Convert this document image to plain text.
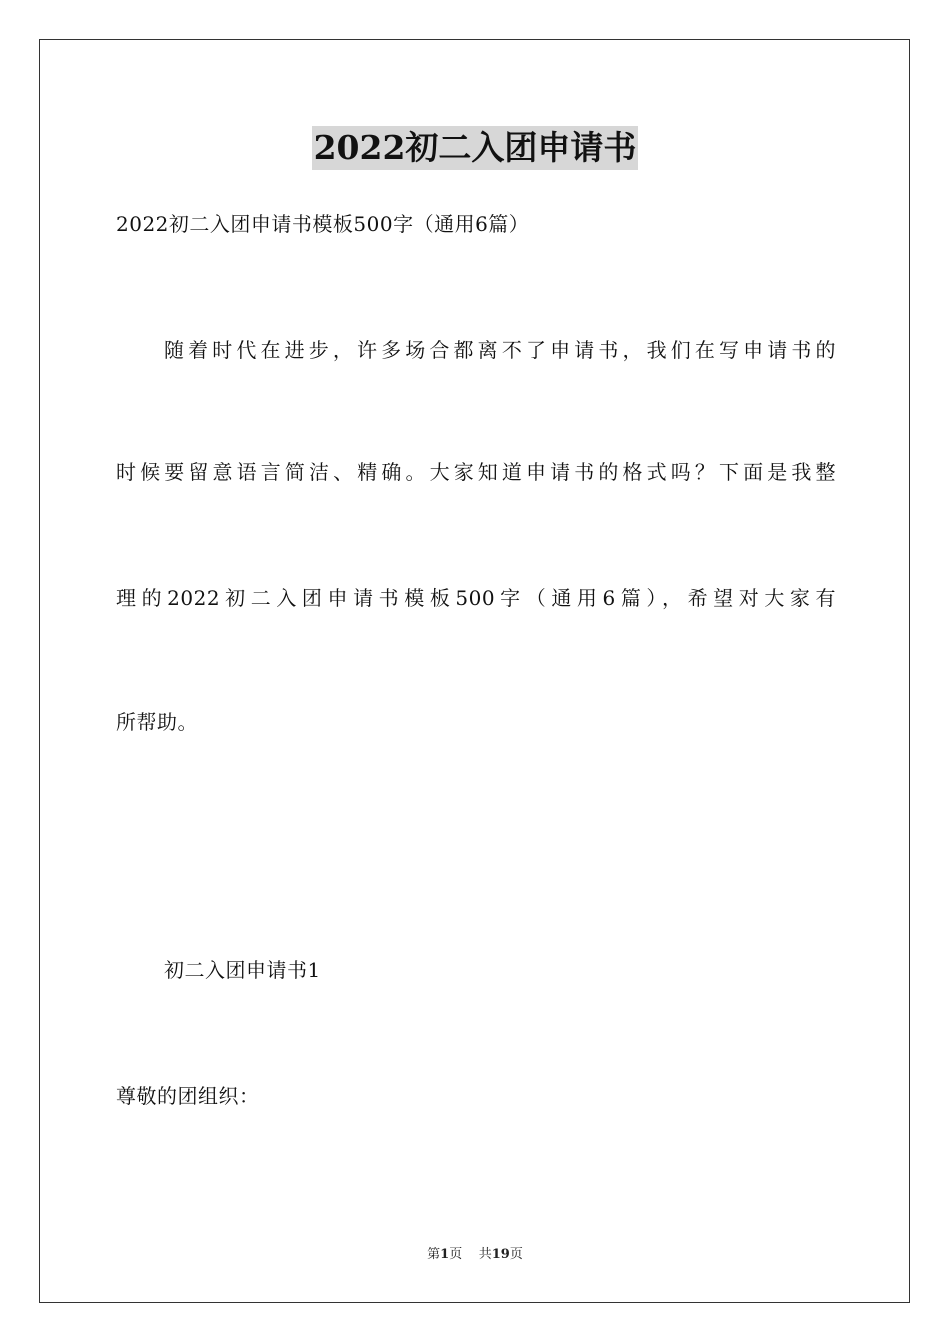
2022初二入团申请书
2022初二入团申请书模板500字（通用6篇）
随着时代在进步，许多场合都离不了申请书，我们在写申请书的
时候要留意语言简洁、精确。大家知道申请书的格式吗？下面是我整
理的2022初二入团申请书模板500字（通用6篇），希望对大家有
所帮助。
初二入团申请书1
尊敬的团组织：
第1页 共19页
